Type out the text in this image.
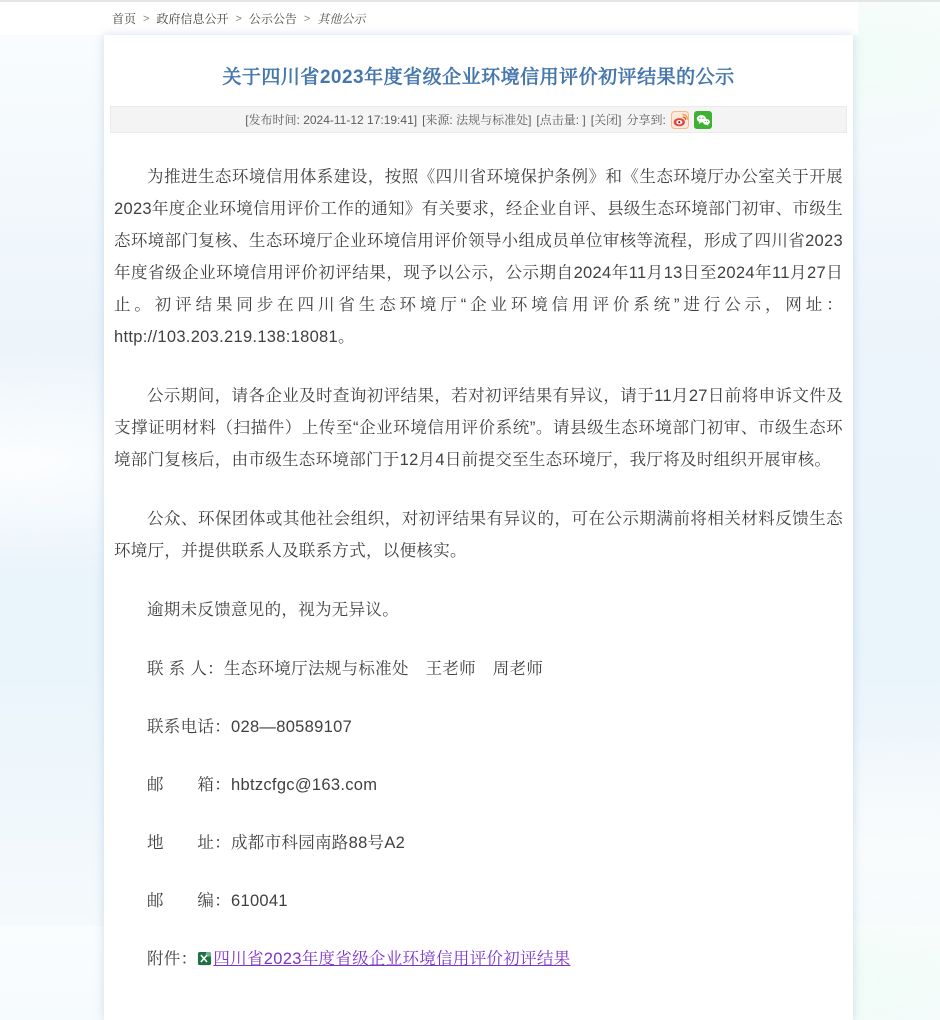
首页 > 政府信息公开 > 公示公告 > 其他公示
关于四川省2023年度省级企业环境信用评价初评结果的公示
[发布时间: 2024-11-12 17:19:41] [来源: 法规与标准处] [点击量: ] [关闭] 分享到:

为推进生态环境信用体系建设，按照《四川省环境保护条例》和《生态环境厅办公室关于开展2023年度企业环境信用评价工作的通知》有关要求，经企业自评、县级生态环境部门初审、市级生态环境部门复核、生态环境厅企业环境信用评价领导小组成员单位审核等流程，形成了四川省2023年度省级企业环境信用评价初评结果，现予以公示，公示期自2024年11月13日至2024年11月27日止。初评结果同步在四川省生态环境厅“企业环境信用评价系统”进行公示，网址：http://103.203.219.138:18081。

公示期间，请各企业及时查询初评结果，若对初评结果有异议，请于11月27日前将申诉文件及支撑证明材料（扫描件）上传至“企业环境信用评价系统”。请县级生态环境部门初审、市级生态环境部门复核后，由市级生态环境部门于12月4日前提交至生态环境厅，我厅将及时组织开展审核。

公众、环保团体或其他社会组织，对初评结果有异议的，可在公示期满前将相关材料反馈生态环境厅，并提供联系人及联系方式，以便核实。

逾期未反馈意见的，视为无异议。

联 系 人：生态环境厅法规与标准处　王老师　周老师

联系电话：028—80589107

邮　　箱：hbtzcfgc@163.com

地　　址：成都市科园南路88号A2

邮　　编：610041

附件： 四川省2023年度省级企业环境信用评价初评结果
